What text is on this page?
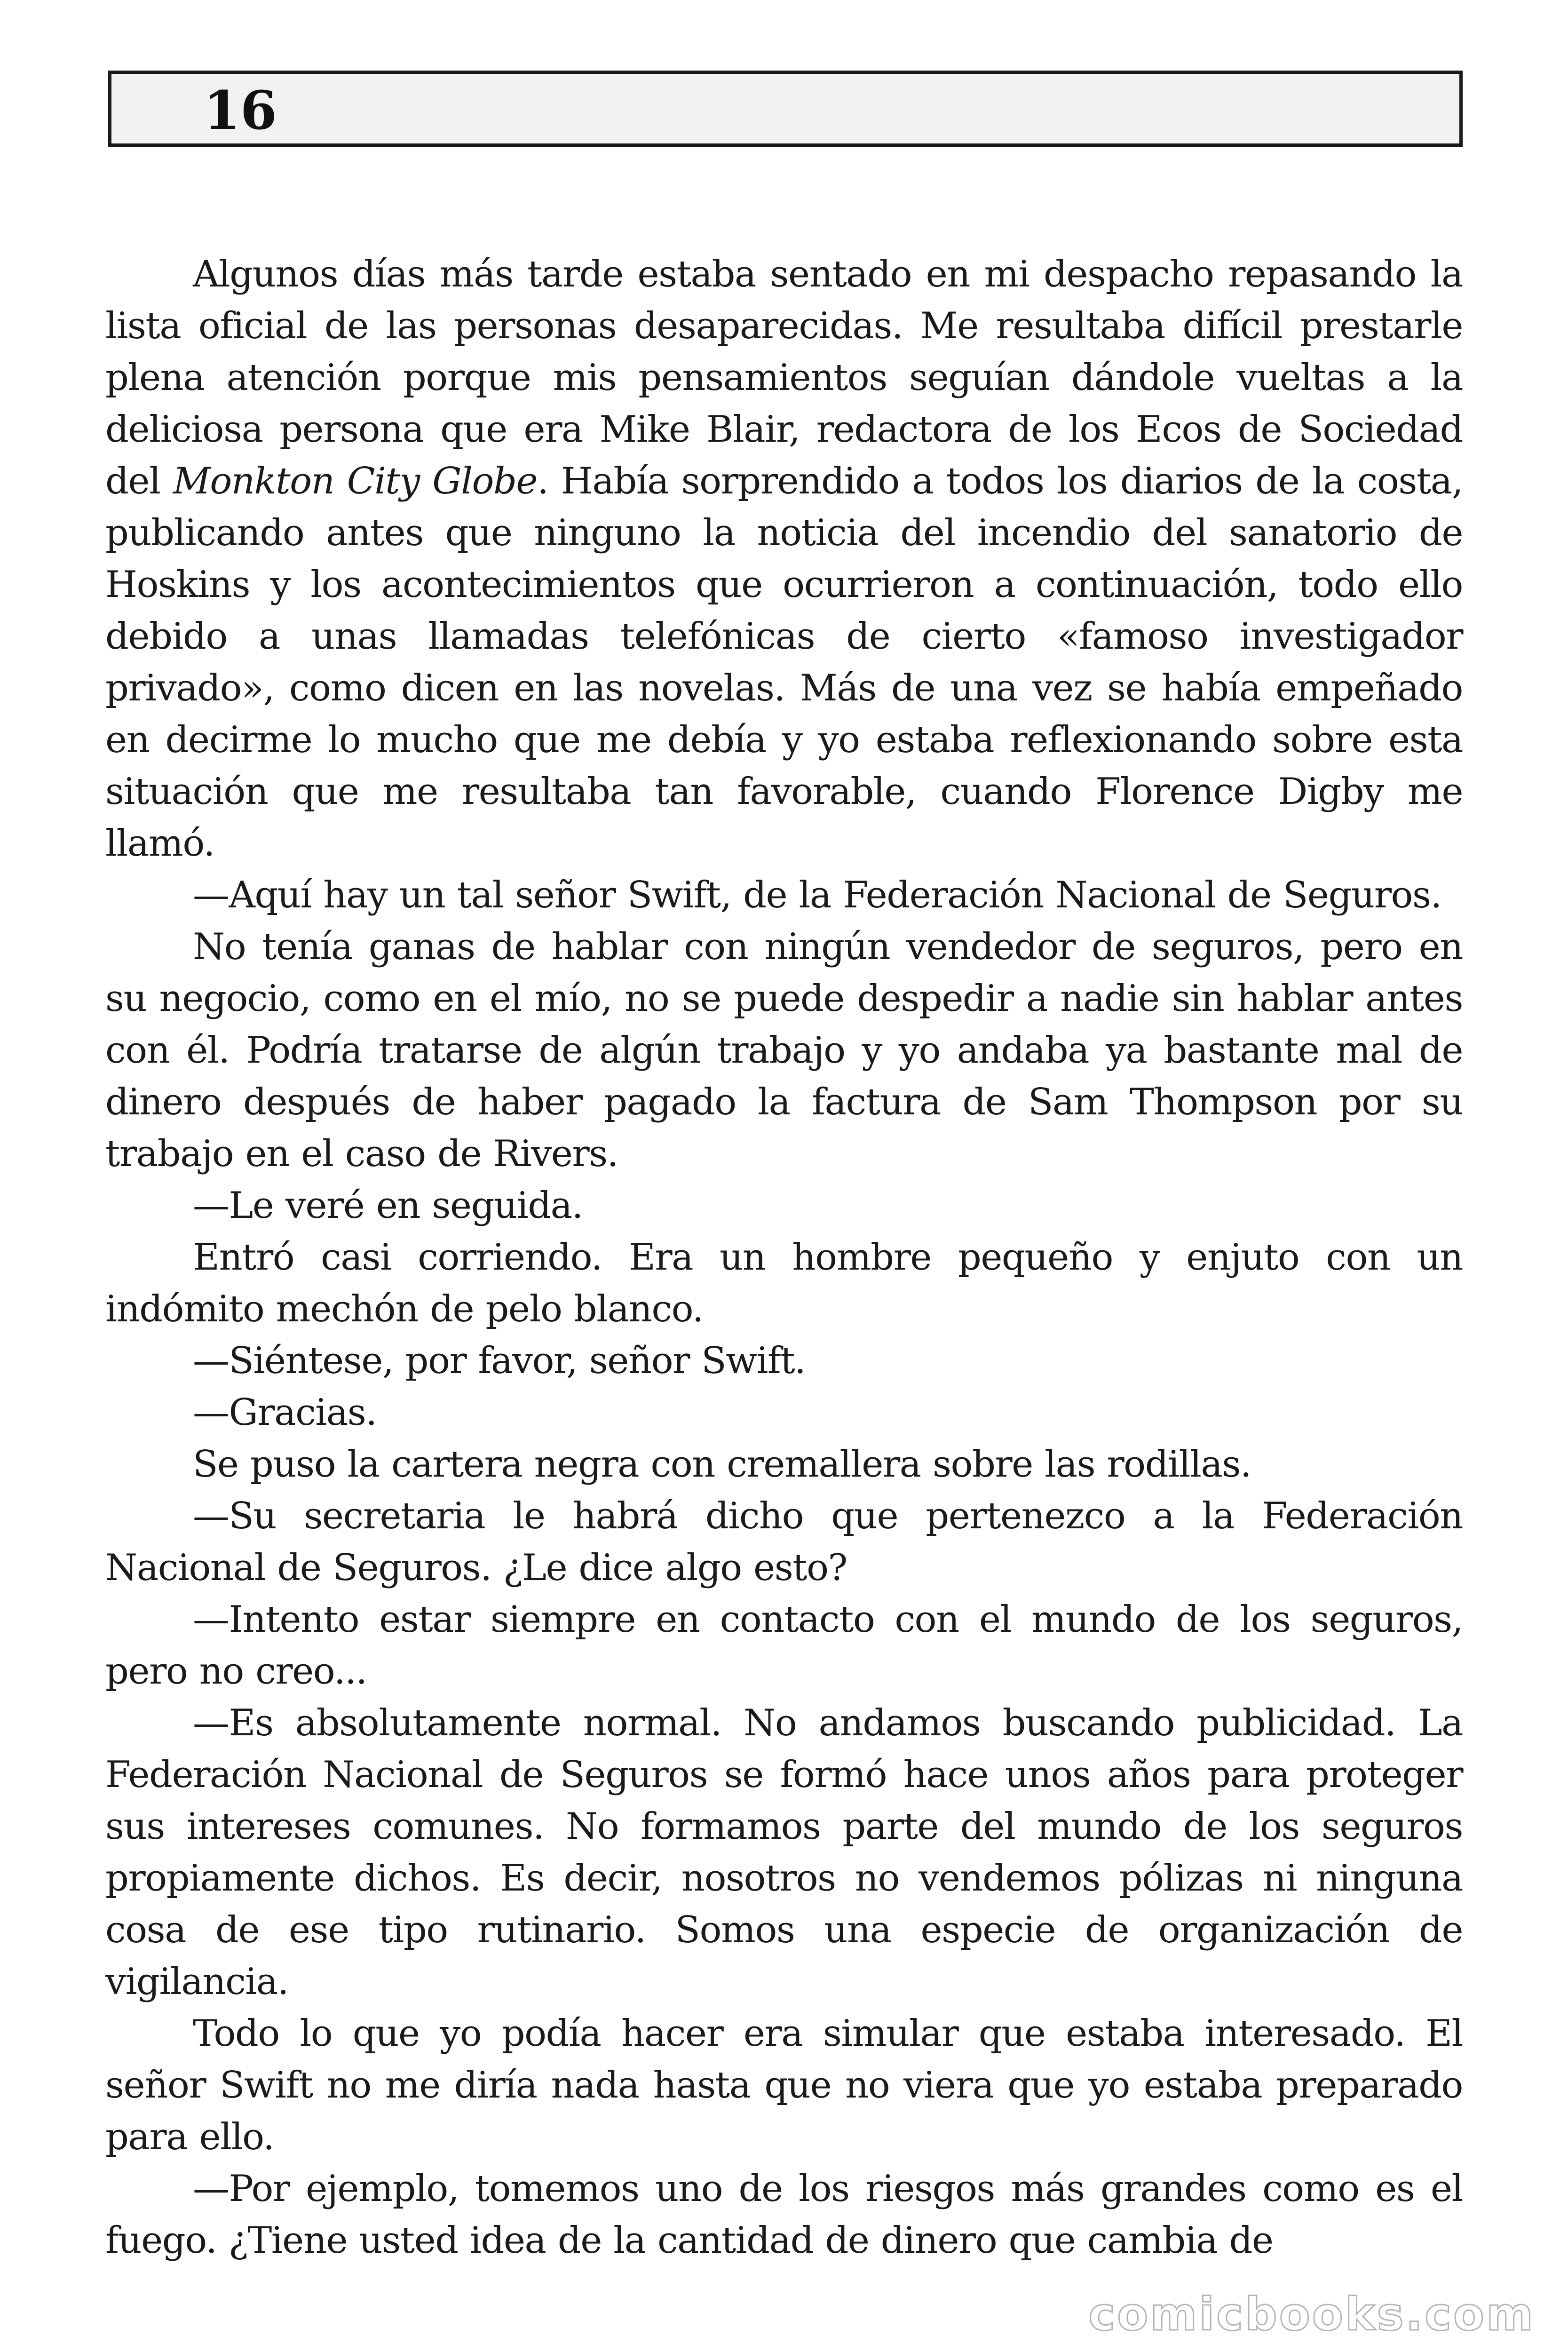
16

Algunos días más tarde estaba sentado en mi despacho repasando la lista oficial de las personas desaparecidas. Me resultaba difícil prestarle plena atención porque mis pensamientos seguían dándole vueltas a la deliciosa persona que era Mike Blair, redactora de los Ecos de Sociedad del Monkton City Globe. Había sorprendido a todos los diarios de la costa, publicando antes que ninguno la noticia del incendio del sanatorio de Hoskins y los acontecimientos que ocurrieron a continuación, todo ello debido a unas llamadas telefónicas de cierto «famoso investigador privado», como dicen en las novelas. Más de una vez se había empeñado en decirme lo mucho que me debía y yo estaba reflexionando sobre esta situación que me resultaba tan favorable, cuando Florence Digby me llamó.

—Aquí hay un tal señor Swift, de la Federación Nacional de Seguros.

No tenía ganas de hablar con ningún vendedor de seguros, pero en su negocio, como en el mío, no se puede despedir a nadie sin hablar antes con él. Podría tratarse de algún trabajo y yo andaba ya bastante mal de dinero después de haber pagado la factura de Sam Thompson por su trabajo en el caso de Rivers.

—Le veré en seguida.

Entró casi corriendo. Era un hombre pequeño y enjuto con un indómito mechón de pelo blanco.

—Siéntese, por favor, señor Swift.

—Gracias.

Se puso la cartera negra con cremallera sobre las rodillas.

—Su secretaria le habrá dicho que pertenezco a la Federación Nacional de Seguros. ¿Le dice algo esto?

—Intento estar siempre en contacto con el mundo de los seguros, pero no creo...

—Es absolutamente normal. No andamos buscando publicidad. La Federación Nacional de Seguros se formó hace unos años para proteger sus intereses comunes. No formamos parte del mundo de los seguros propiamente dichos. Es decir, nosotros no vendemos pólizas ni ninguna cosa de ese tipo rutinario. Somos una especie de organización de vigilancia.

Todo lo que yo podía hacer era simular que estaba interesado. El señor Swift no me diría nada hasta que no viera que yo estaba preparado para ello.

—Por ejemplo, tomemos uno de los riesgos más grandes como es el fuego. ¿Tiene usted idea de la cantidad de dinero que cambia de

comicbooks.com
